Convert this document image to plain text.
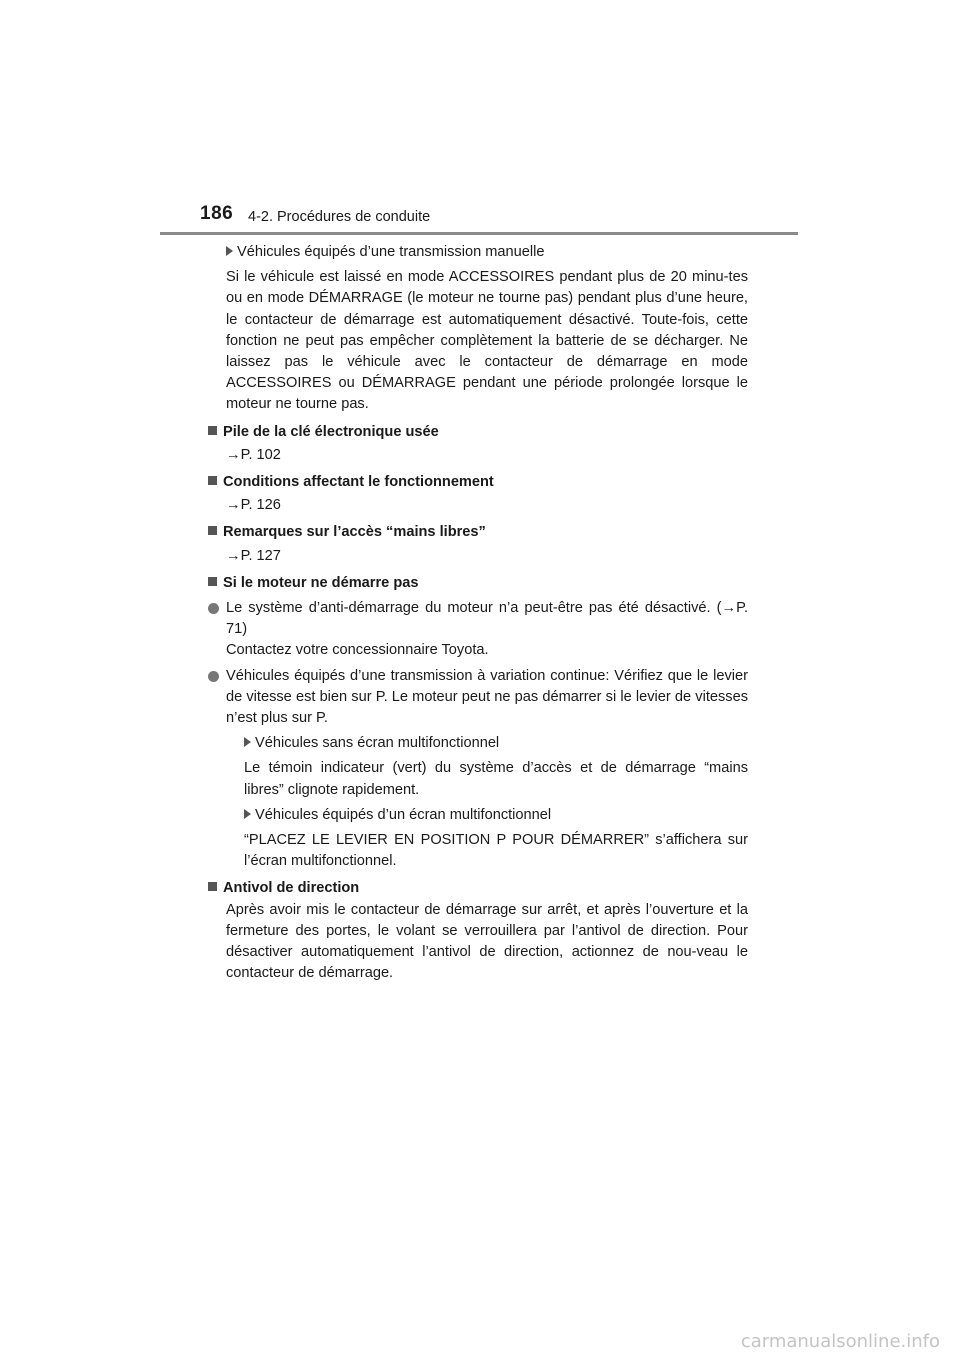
186 4-2. Procédures de conduite
Véhicules équipés d’une transmission manuelle

Si le véhicule est laissé en mode ACCESSOIRES pendant plus de 20 minu-tes ou en mode DÉMARRAGE (le moteur ne tourne pas) pendant plus d’une heure, le contacteur de démarrage est automatiquement désactivé. Toute-fois, cette fonction ne peut pas empêcher complètement la batterie de se décharger. Ne laissez pas le véhicule avec le contacteur de démarrage en mode ACCESSOIRES ou DÉMARRAGE pendant une période prolongée lorsque le moteur ne tourne pas.

Pile de la clé électronique usée
→P. 102
Conditions affectant le fonctionnement
→P. 126
Remarques sur l’accès “mains libres”
→P. 127
Si le moteur ne démarre pas
Le système d’anti-démarrage du moteur n’a peut-être pas été désactivé. (→P. 71)
Contactez votre concessionnaire Toyota.
Véhicules équipés d’une transmission à variation continue: Vérifiez que le levier de vitesse est bien sur P. Le moteur peut ne pas démarrer si le levier de vitesses n’est plus sur P.
Véhicules sans écran multifonctionnel

Le témoin indicateur (vert) du système d’accès et de démarrage “mains libres” clignote rapidement.

Véhicules équipés d’un écran multifonctionnel

“PLACEZ LE LEVIER EN POSITION P POUR DÉMARRER” s’affichera sur l’écran multifonctionnel.

Antivol de direction

Après avoir mis le contacteur de démarrage sur arrêt, et après l’ouverture et la fermeture des portes, le volant se verrouillera par l’antivol de direction. Pour désactiver automatiquement l’antivol de direction, actionnez de nou-veau le contacteur de démarrage.

carmanualsonline.info
